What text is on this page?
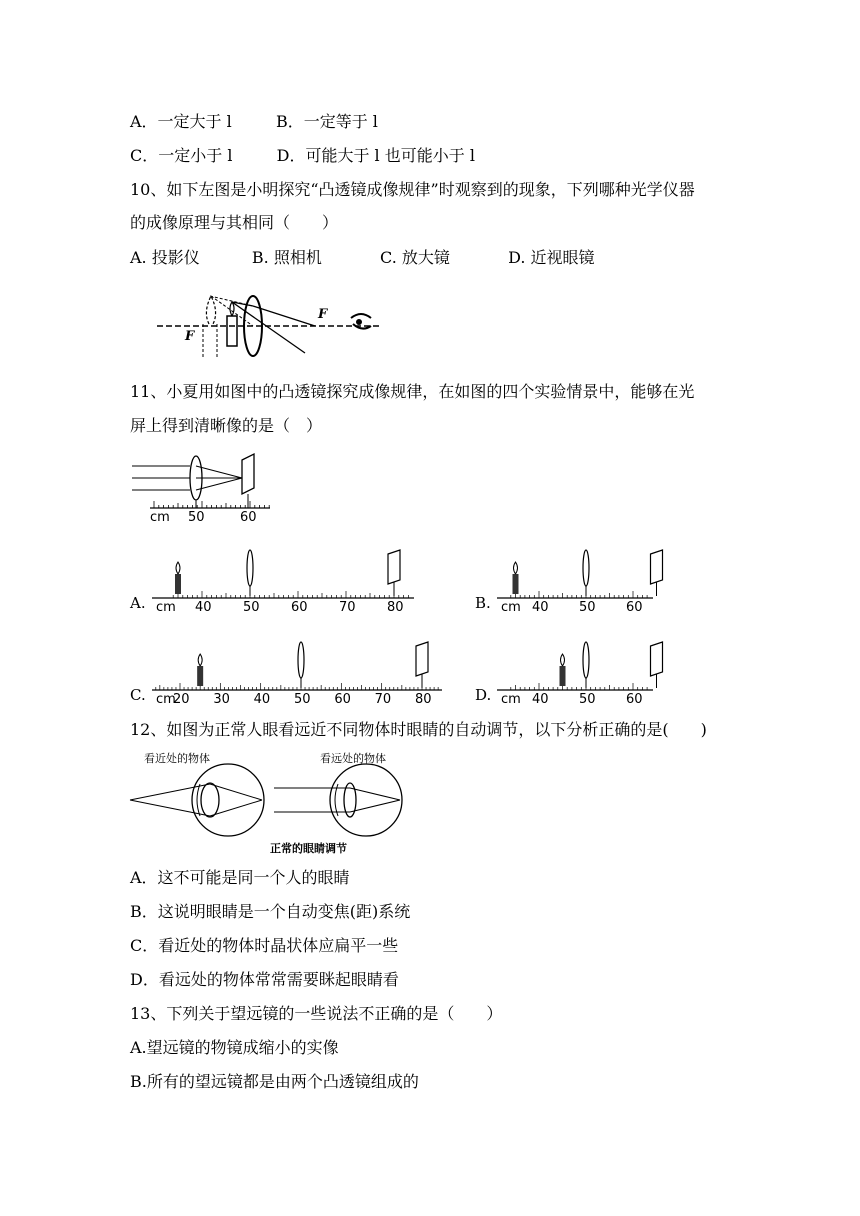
A．一定大于 l	B．一定等于 l
C．一定小于 l	D．可能大于 l 也可能小于 l
10、如下左图是小明探究“凸透镜成像规律”时观察到的现象，下列哪种光学仪器
的成像原理与其相同（　　）
A. 投影仪	B. 照相机	C. 放大镜	D. 近视眼镜
F
F
11、小夏用如图中的凸透镜探究成像规律，在如图的四个实验情景中，能够在光
屏上得到清晰像的是（　）
cm 50	60
A. cm 40 50 60 70 80	B. cm 40 50 60
C. cm
20 30 40 50 60 70 80	D. cm 40 50 60
12、如图为正常人眼看远近不同物体时眼睛的自动调节，以下分析正确的是(　　)
看近处的物体	看远处的物体
正常的眼睛调节
A．这不可能是同一个人的眼睛
B．这说明眼睛是一个自动变焦(距)系统
C．看近处的物体时晶状体应扁平一些
D．看远处的物体常常需要眯起眼睛看
13、下列关于望远镜的一些说法不正确的是（　　）
A.望远镜的物镜成缩小的实像
B.所有的望远镜都是由两个凸透镜组成的
